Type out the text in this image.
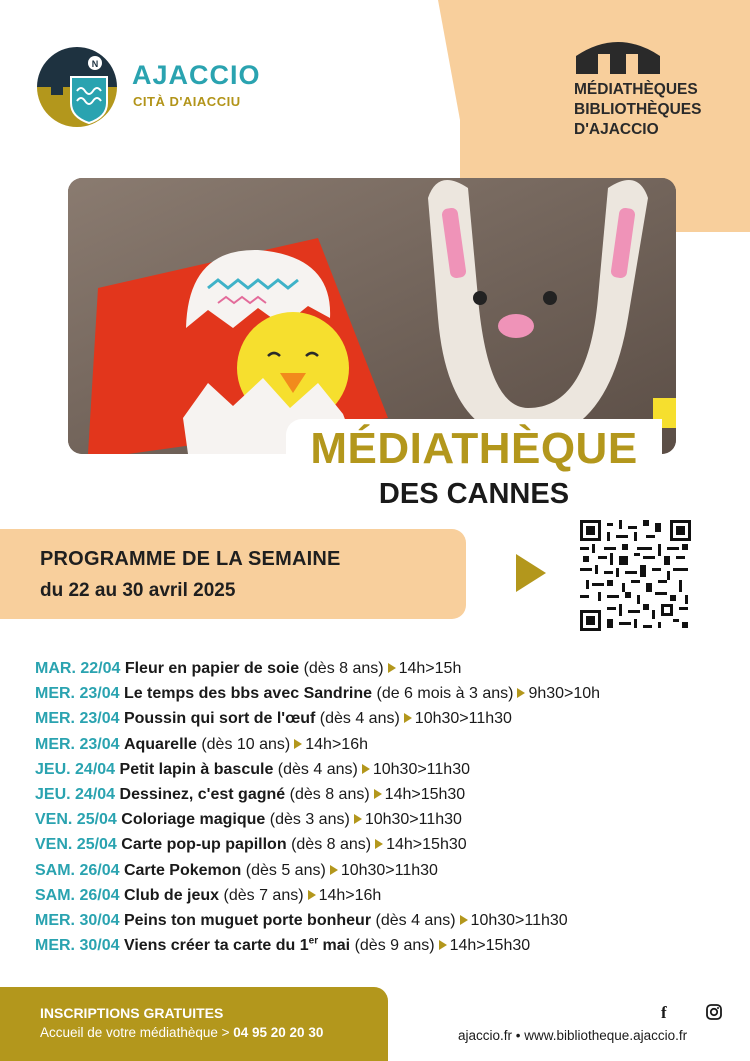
N AJACCIO
CITÀ D'AIACCIU
MÉDIATHÈQUES
BIBLIOTHÈQUES
D'AJACCIO
MÉDIATHÈQUE
DES CANNES
PROGRAMME DE LA SEMAINE
du 22 au 30 avril 2025
MAR. 22/04 Fleur en papier de soie (dès 8 ans) 14h>15h
MER. 23/04 Le temps des bbs avec Sandrine (de 6 mois à 3 ans) 9h30>10h
MER. 23/04 Poussin qui sort de l'œuf (dès 4 ans) 10h30>11h30
MER. 23/04 Aquarelle (dès 10 ans) 14h>16h
JEU. 24/04 Petit lapin à bascule (dès 4 ans) 10h30>11h30
JEU. 24/04 Dessinez, c'est gagné (dès 8 ans) 14h>15h30
VEN. 25/04 Coloriage magique (dès 3 ans) 10h30>11h30
VEN. 25/04 Carte pop-up papillon (dès 8 ans) 14h>15h30
SAM. 26/04 Carte Pokemon (dès 5 ans) 10h30>11h30
SAM. 26/04 Club de jeux (dès 7 ans) 14h>16h
MER. 30/04 Peins ton muguet porte bonheur (dès 4 ans) 10h30>11h30
MER. 30/04 Viens créer ta carte du 1er mai (dès 9 ans) 14h>15h30
INSCRIPTIONS GRATUITES
Accueil de votre médiathèque > 04 95 20 20 30
f
ajaccio.fr • www.bibliotheque.ajaccio.fr
